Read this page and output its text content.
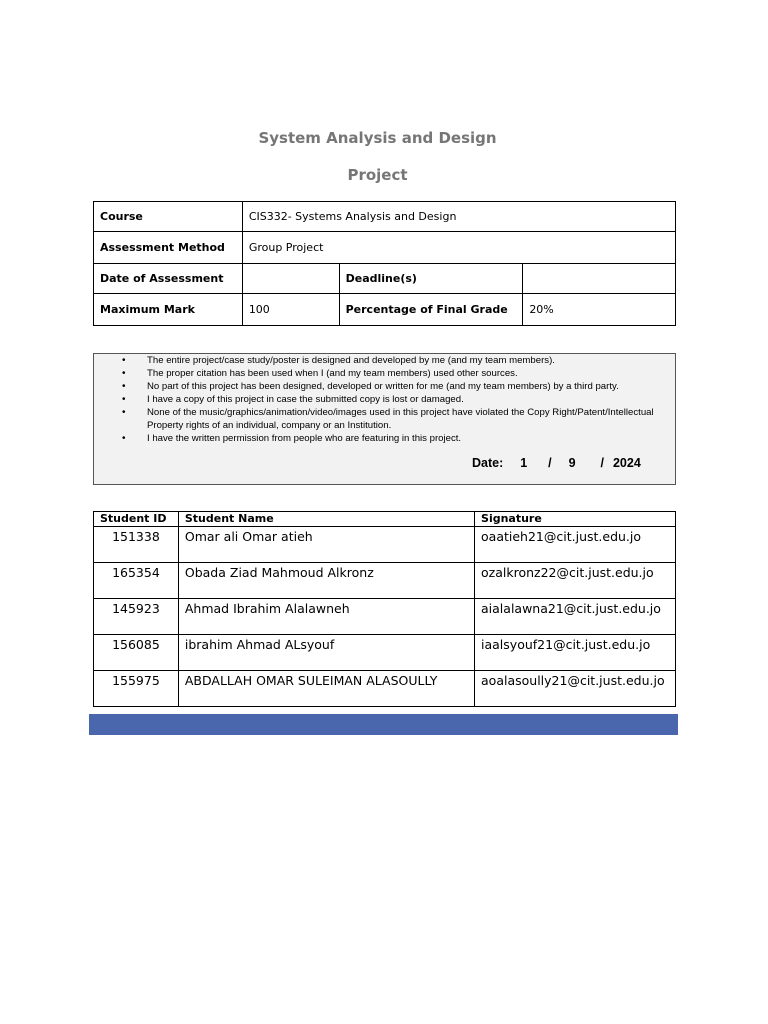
System Analysis and Design
Project
Course	CIS332- Systems Analysis and Design		
Assessment Method	Group Project		
Date of Assessment		Deadline(s)	
Maximum Mark	100	Percentage of Final Grade	20%
• The entire project/case study/poster is designed and developed by me (and my team members).
• The proper citation has been used when I (and my team members) used other sources.
• No part of this project has been designed, developed or written for me (and my team members) by a third party.
• I have a copy of this project in case the submitted copy is lost or damaged.
• None of the music/graphics/animation/video/images used in this project have violated the Copy Right/Patent/Intellectual Property rights of an individual, company or an Institution.
• I have the written permission from people who are featuring in this project.
Date: 1 / 9 / 2024
Student ID	Student Name	Signature
151338	Omar ali Omar atieh	oaatieh21@cit.just.edu.jo
165354	Obada Ziad Mahmoud Alkronz	ozalkronz22@cit.just.edu.jo
145923	Ahmad Ibrahim Alalawneh	aialalawna21@cit.just.edu.jo
156085	ibrahim Ahmad ALsyouf	iaalsyouf21@cit.just.edu.jo
155975	ABDALLAH OMAR SULEIMAN ALASOULLY	aoalasoully21@cit.just.edu.jo
